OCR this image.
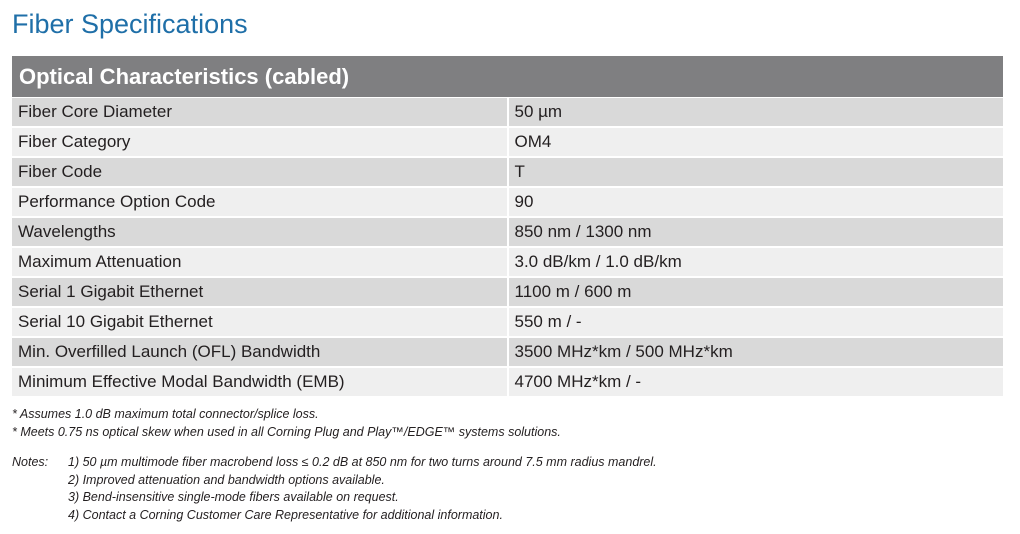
Fiber Specifications
Optical Characteristics (cabled)	
Fiber Core Diameter	50 µm
Fiber Category	OM4
Fiber Code	T
Performance Option Code	90
Wavelengths	850 nm / 1300 nm
Maximum Attenuation	3.0 dB/km / 1.0 dB/km
Serial 1 Gigabit Ethernet	1100 m / 600 m
Serial 10 Gigabit Ethernet	550 m / -
Min. Overfilled Launch (OFL) Bandwidth	3500 MHz*km / 500 MHz*km
Minimum Effective Modal Bandwidth (EMB)	4700 MHz*km / -
* Assumes 1.0 dB maximum total connector/splice loss.
* Meets 0.75 ns optical skew when used in all Corning Plug and Play™/EDGE™ systems solutions.
Notes: 1) 50 µm multimode fiber macrobend loss ≤ 0.2 dB at 850 nm for two turns around 7.5 mm radius mandrel.
2) Improved attenuation and bandwidth options available.
3) Bend-insensitive single-mode fibers available on request.
4) Contact a Corning Customer Care Representative for additional information.
